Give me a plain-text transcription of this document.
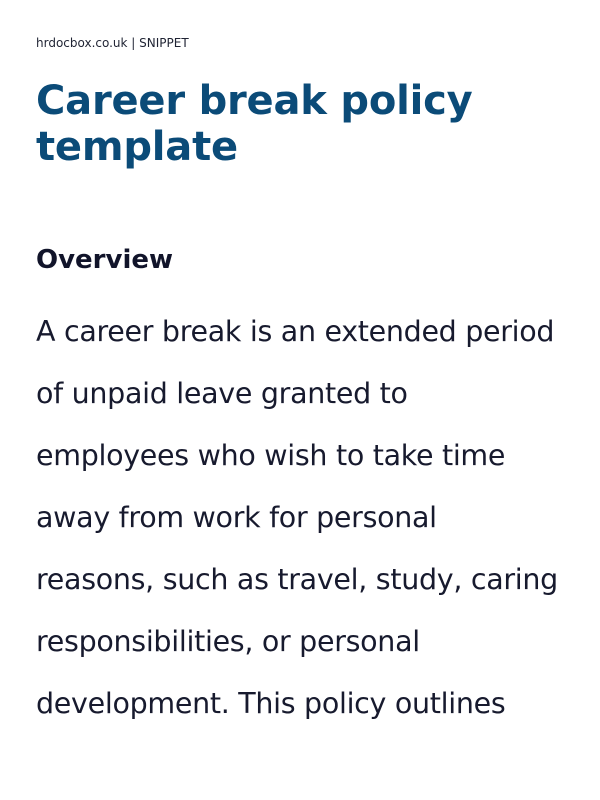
hrdocbox.co.uk | SNIPPET
Career break policy template
Overview

A career break is an extended period of unpaid leave granted to employees who wish to take time away from work for personal reasons, such as travel, study, caring responsibilities, or personal development. This policy outlines
